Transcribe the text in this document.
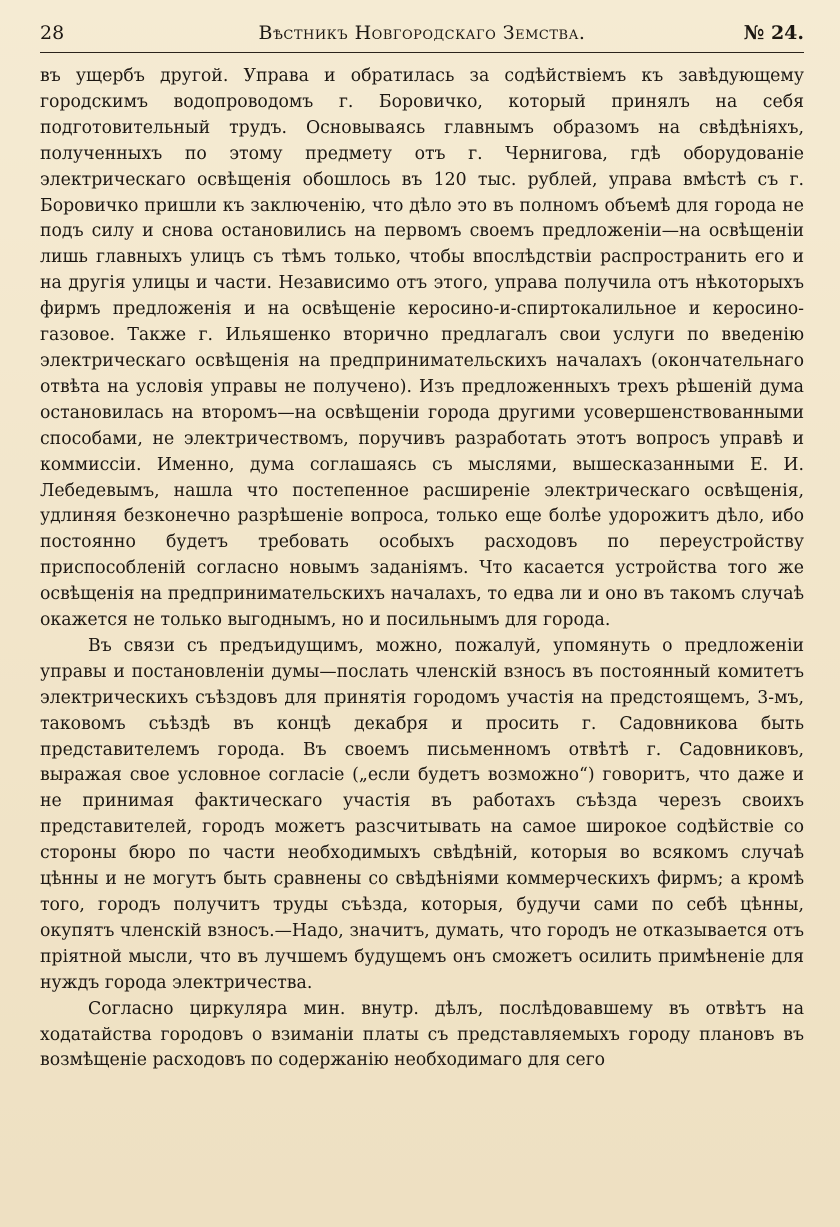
28	Вѣстникъ Новгородскаго Земства.	№ 24.

въ ущербъ другой. Управа и обратилась за содѣйствіемъ къ завѣдующему городскимъ водопроводомъ г. Боровичко, который принялъ на себя подготовительный трудъ. Основываясь главнымъ образомъ на свѣдѣніяхъ, полученныхъ по этому предмету отъ г. Чернигова, гдѣ оборудованіе электрическаго освѣщенія обошлось въ 120 тыс. рублей, управа вмѣстѣ съ г. Боровичко пришли къ заключенію, что дѣло это въ полномъ объемѣ для города не подъ силу и снова остановились на первомъ своемъ предложеніи—на освѣщеніи лишь главныхъ улицъ съ тѣмъ только, чтобы впослѣдствіи распространить его и на другія улицы и части. Независимо отъ этого, управа получила отъ нѣкоторыхъ фирмъ предложенія и на освѣщеніе керосино-и-спиртокалильное и керосино-газовое. Также г. Ильяшенко вторично предлагалъ свои услуги по введенію электрическаго освѣщенія на предпринимательскихъ началахъ (окончательнаго отвѣта на условія управы не получено). Изъ предложенныхъ трехъ рѣшеній дума остановилась на второмъ—на освѣщеніи города другими усовершенствованными способами, не электричествомъ, поручивъ разработать этотъ вопросъ управѣ и коммиссіи. Именно, дума соглашаясь съ мыслями, вышесказанными Е. И. Лебедевымъ, нашла что постепенное расширеніе электрическаго освѣщенія, удлиняя безконечно разрѣшеніе вопроса, только еще болѣе удорожитъ дѣло, ибо постоянно будетъ требовать особыхъ расходовъ по переустройству приспособленій согласно новымъ заданіямъ. Что касается устройства того же освѣщенія на предпринимательскихъ началахъ, то едва ли и оно въ такомъ случаѣ окажется не только выгоднымъ, но и посильнымъ для города.

Въ связи съ предъидущимъ, можно, пожалуй, упомянуть о предложеніи управы и постановленіи думы—послать членскій взносъ въ постоянный комитетъ электрическихъ съѣздовъ для принятія городомъ участія на предстоящемъ, 3-мъ, таковомъ съѣздѣ въ концѣ декабря и просить г. Садовникова быть представителемъ города. Въ своемъ письменномъ отвѣтѣ г. Садовниковъ, выражая свое условное согласіе („если будетъ возможно“) говоритъ, что даже и не принимая фактическаго участія въ работахъ съѣзда черезъ своихъ представителей, городъ можетъ разсчитывать на самое широкое содѣйствіе со стороны бюро по части необходимыхъ свѣдѣній, которыя во всякомъ случаѣ цѣнны и не могутъ быть сравнены со свѣдѣніями коммерческихъ фирмъ; а кромѣ того, городъ получитъ труды съѣзда, которыя, будучи сами по себѣ цѣнны, окупятъ членскій взносъ.—Надо, значитъ, думать, что городъ не отказывается отъ пріятной мысли, что въ лучшемъ будущемъ онъ сможетъ осилить примѣненіе для нуждъ города электричества.

Согласно циркуляра мин. внутр. дѣлъ, послѣдовавшему въ отвѣтъ на ходатайства городовъ о взиманіи платы съ представляемыхъ городу плановъ въ возмѣщеніе расходовъ по содержанію необходимаго для сего
